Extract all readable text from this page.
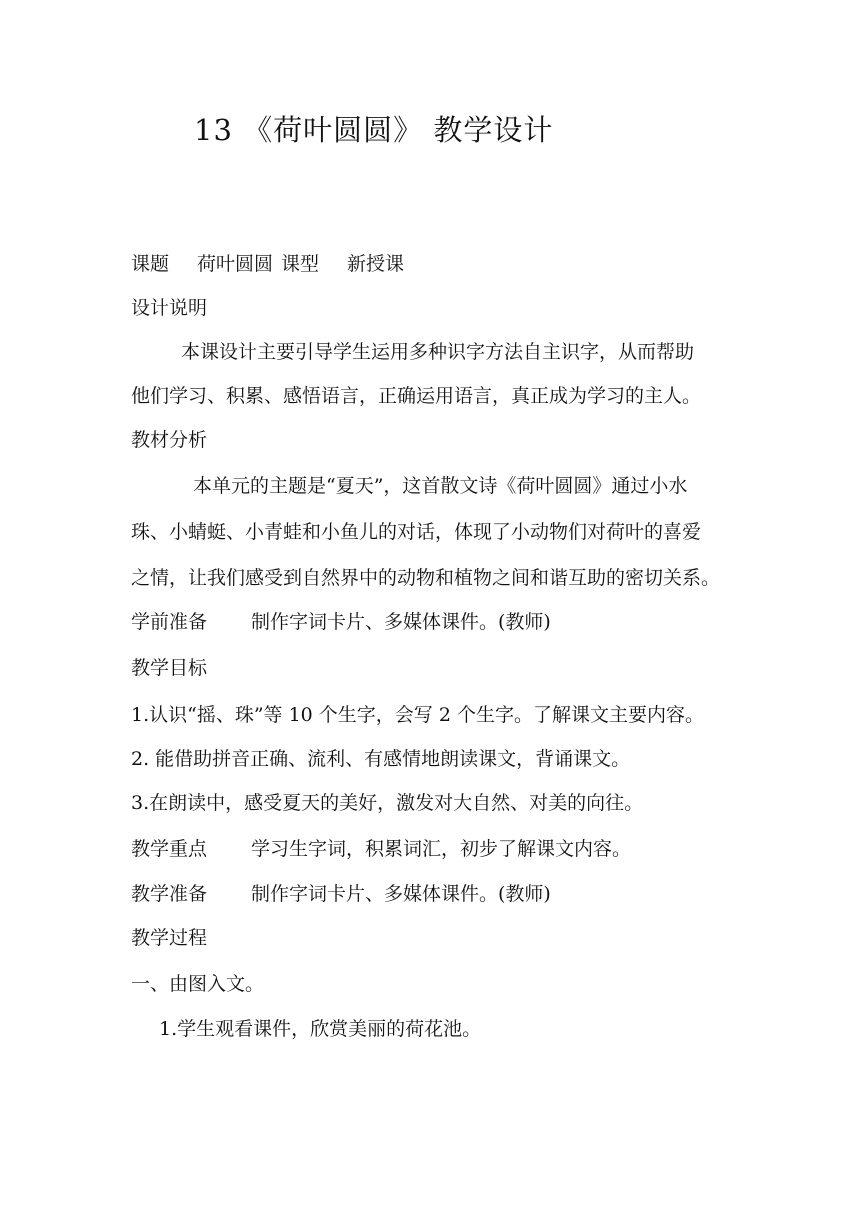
13 《荷叶圆圆》 教学设计
课题 荷叶圆圆 课型 新授课
设计说明
本课设计主要引导学生运用多种识字方法自主识字，从而帮助
他们学习、积累、感悟语言，正确运用语言，真正成为学习的主人。
教材分析
本单元的主题是“夏天”，这首散文诗《荷叶圆圆》通过小水
珠、小蜻蜓、小青蛙和小鱼儿的对话，体现了小动物们对荷叶的喜爱
之情，让我们感受到自然界中的动物和植物之间和谐互助的密切关系。
学前准备 制作字词卡片、多媒体课件。(教师)
教学目标
1.认识“摇、珠”等 10 个生字，会写 2 个生字。了解课文主要内容。
2. 能借助拼音正确、流利、有感情地朗读课文，背诵课文。
3.在朗读中，感受夏天的美好，激发对大自然、对美的向往。
教学重点 学习生字词，积累词汇，初步了解课文内容。
教学准备 制作字词卡片、多媒体课件。(教师)
教学过程
一、由图入文。
1.学生观看课件，欣赏美丽的荷花池。
